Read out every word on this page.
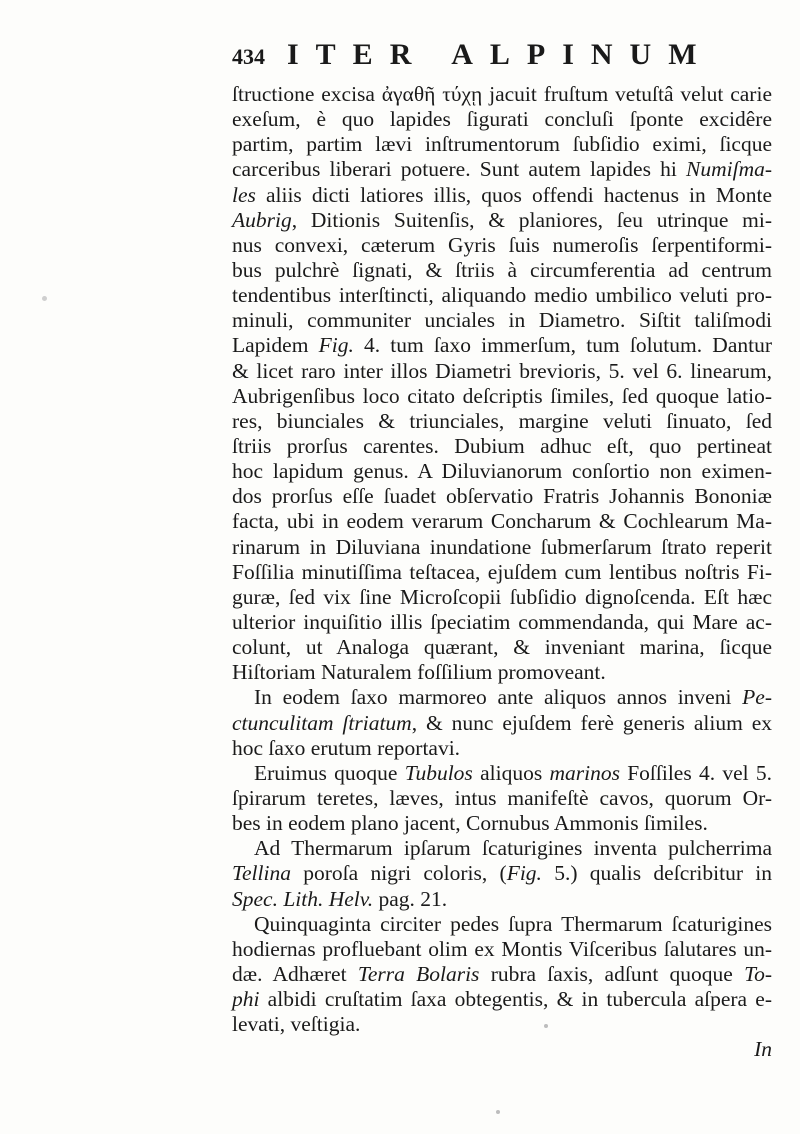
434 ITER ALPINUM
ſtructione excisa ἀγαθῆ τύχῃ jacuit fruſtum vetuſtâ velut carie
exeſum, è quo lapides ſigurati concluſi ſponte excidêre
partim, partim lævi inſtrumentorum ſubſidio eximi, ſicque
carceribus liberari potuere. Sunt autem lapides hi Numiſma-
les aliis dicti latiores illis, quos offendi hactenus in Monte
Aubrig, Ditionis Suitenſis, & planiores, ſeu utrinque mi-
nus convexi, cæterum Gyris ſuis numeroſis ſerpentiformi-
bus pulchrè ſignati, & ſtriis à circumferentia ad centrum
tendentibus interſtincti, aliquando medio umbilico veluti pro-
minuli, communiter unciales in Diametro. Siſtit taliſmodi
Lapidem Fig. 4. tum ſaxo immerſum, tum ſolutum. Dantur
& licet raro inter illos Diametri brevioris, 5. vel 6. linearum,
Aubrigenſibus loco citato deſcriptis ſimiles, ſed quoque latio-
res, biunciales & triunciales, margine veluti ſinuato, ſed
ſtriis prorſus carentes. Dubium adhuc eſt, quo pertineat
hoc lapidum genus. A Diluvianorum conſortio non eximen-
dos prorſus eſſe ſuadet obſervatio Fratris Johannis Bononiæ
facta, ubi in eodem verarum Concharum & Cochlearum Ma-
rinarum in Diluviana inundatione ſubmerſarum ſtrato reperit
Foſſilia minutiſſima teſtacea, ejuſdem cum lentibus noſtris Fi-
guræ, ſed vix ſine Microſcopii ſubſidio dignoſcenda. Eſt hæc
ulterior inquiſitio illis ſpeciatim commendanda, qui Mare ac-
colunt, ut Analoga quærant, & inveniant marina, ſicque
Hiſtoriam Naturalem foſſilium promoveant.
In eodem ſaxo marmoreo ante aliquos annos inveni Pe-
ctunculitam ſtriatum, & nunc ejuſdem ferè generis alium ex
hoc ſaxo erutum reportavi.
Eruimus quoque Tubulos aliquos marinos Foſſiles 4. vel 5.
ſpirarum teretes, læves, intus manifeſtè cavos, quorum Or-
bes in eodem plano jacent, Cornubus Ammonis ſimiles.
Ad Thermarum ipſarum ſcaturigines inventa pulcherrima
Tellina poroſa nigri coloris, (Fig. 5.) qualis deſcribitur in
Spec. Lith. Helv. pag. 21.
Quinquaginta circiter pedes ſupra Thermarum ſcaturigines
hodiernas profluebant olim ex Montis Viſceribus ſalutares un-
dæ. Adhæret Terra Bolaris rubra ſaxis, adſunt quoque To-
phi albidi cruſtatim ſaxa obtegentis, & in tubercula aſpera e-
levati, veſtigia.
In
